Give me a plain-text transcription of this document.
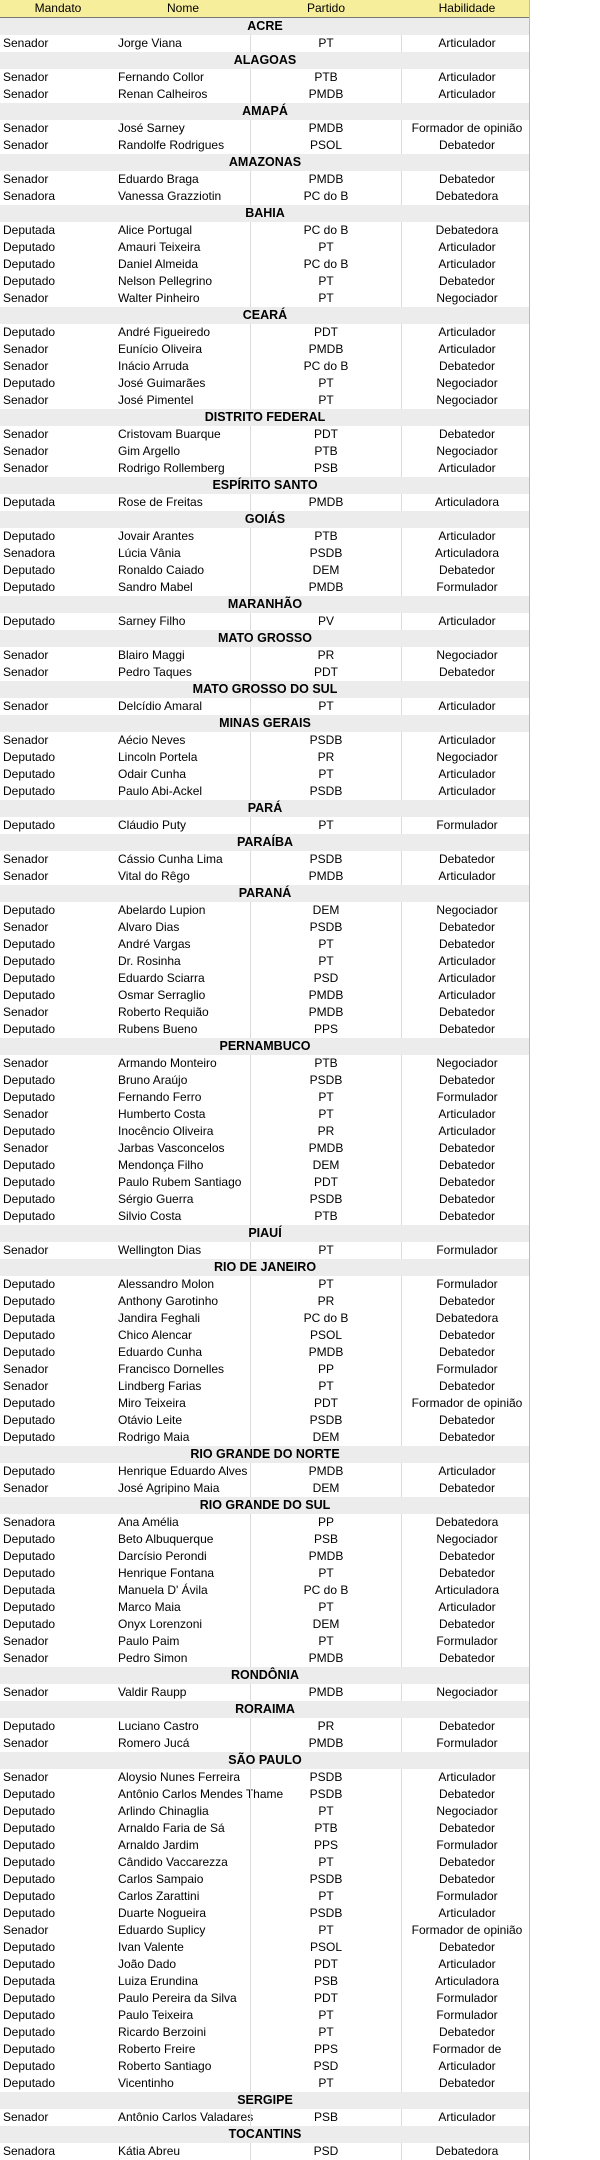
Mandato	Nome	Partido	Habilidade
ACRE
Senador	Jorge Viana	PT	Articulador
ALAGOAS
Senador	Fernando Collor	PTB	Articulador
Senador	Renan Calheiros	PMDB	Articulador
AMAPÁ
Senador	José Sarney	PMDB	Formador de opinião
Senador	Randolfe Rodrigues	PSOL	Debatedor
AMAZONAS
Senador	Eduardo Braga	PMDB	Debatedor
Senadora	Vanessa Grazziotin	PC do B	Debatedora
BAHIA
Deputada	Alice Portugal	PC do B	Debatedora
Deputado	Amauri Teixeira	PT	Articulador
Deputado	Daniel Almeida	PC do B	Articulador
Deputado	Nelson Pellegrino	PT	Debatedor
Senador	Walter Pinheiro	PT	Negociador
CEARÁ
Deputado	André Figueiredo	PDT	Articulador
Senador	Eunício Oliveira	PMDB	Articulador
Senador	Inácio Arruda	PC do B	Debatedor
Deputado	José Guimarães	PT	Negociador
Senador	José Pimentel	PT	Negociador
DISTRITO FEDERAL
Senador	Cristovam Buarque	PDT	Debatedor
Senador	Gim Argello	PTB	Negociador
Senador	Rodrigo Rollemberg	PSB	Articulador
ESPÍRITO SANTO
Deputada	Rose de Freitas	PMDB	Articuladora
GOIÁS
Deputado	Jovair Arantes	PTB	Articulador
Senadora	Lúcia Vânia	PSDB	Articuladora
Deputado	Ronaldo Caiado	DEM	Debatedor
Deputado	Sandro Mabel	PMDB	Formulador
MARANHÃO
Deputado	Sarney Filho	PV	Articulador
MATO GROSSO
Senador	Blairo Maggi	PR	Negociador
Senador	Pedro Taques	PDT	Debatedor
MATO GROSSO DO SUL
Senador	Delcídio Amaral	PT	Articulador
MINAS GERAIS
Senador	Aécio Neves	PSDB	Articulador
Deputado	Lincoln Portela	PR	Negociador
Deputado	Odair Cunha	PT	Articulador
Deputado	Paulo Abi-Ackel	PSDB	Articulador
PARÁ
Deputado	Cláudio Puty	PT	Formulador
PARAÍBA
Senador	Cássio Cunha Lima	PSDB	Debatedor
Senador	Vital do Rêgo	PMDB	Articulador
PARANÁ
Deputado	Abelardo Lupion	DEM	Negociador
Senador	Alvaro Dias	PSDB	Debatedor
Deputado	André Vargas	PT	Debatedor
Deputado	Dr. Rosinha	PT	Articulador
Deputado	Eduardo Sciarra	PSD	Articulador
Deputado	Osmar Serraglio	PMDB	Articulador
Senador	Roberto Requião	PMDB	Debatedor
Deputado	Rubens Bueno	PPS	Debatedor
PERNAMBUCO
Senador	Armando Monteiro	PTB	Negociador
Deputado	Bruno Araújo	PSDB	Debatedor
Deputado	Fernando Ferro	PT	Formulador
Senador	Humberto Costa	PT	Articulador
Deputado	Inocêncio Oliveira	PR	Articulador
Senador	Jarbas Vasconcelos	PMDB	Debatedor
Deputado	Mendonça Filho	DEM	Debatedor
Deputado	Paulo Rubem Santiago	PDT	Debatedor
Deputado	Sérgio Guerra	PSDB	Debatedor
Deputado	Silvio Costa	PTB	Debatedor
PIAUÍ
Senador	Wellington Dias	PT	Formulador
RIO DE JANEIRO
Deputado	Alessandro Molon	PT	Formulador
Deputado	Anthony Garotinho	PR	Debatedor
Deputada	Jandira Feghali	PC do B	Debatedora
Deputado	Chico Alencar	PSOL	Debatedor
Deputado	Eduardo Cunha	PMDB	Debatedor
Senador	Francisco Dornelles	PP	Formulador
Senador	Lindberg Farias	PT	Debatedor
Deputado	Miro Teixeira	PDT	Formador de opinião
Deputado	Otávio Leite	PSDB	Debatedor
Deputado	Rodrigo Maia	DEM	Debatedor
RIO GRANDE DO NORTE
Deputado	Henrique Eduardo Alves	PMDB	Articulador
Senador	José Agripino Maia	DEM	Debatedor
RIO GRANDE DO SUL
Senadora	Ana Amélia	PP	Debatedora
Deputado	Beto Albuquerque	PSB	Negociador
Deputado	Darcísio Perondi	PMDB	Debatedor
Deputado	Henrique Fontana	PT	Debatedor
Deputada	Manuela D' Ávila	PC do B	Articuladora
Deputado	Marco Maia	PT	Articulador
Deputado	Onyx Lorenzoni	DEM	Debatedor
Senador	Paulo Paim	PT	Formulador
Senador	Pedro Simon	PMDB	Debatedor
RONDÔNIA
Senador	Valdir Raupp	PMDB	Negociador
RORAIMA
Deputado	Luciano Castro	PR	Debatedor
Senador	Romero Jucá	PMDB	Formulador
SÃO PAULO
Senador	Aloysio Nunes Ferreira	PSDB	Articulador
Deputado	Antônio Carlos Mendes Thame	PSDB	Debatedor
Deputado	Arlindo Chinaglia	PT	Negociador
Deputado	Arnaldo Faria de Sá	PTB	Debatedor
Deputado	Arnaldo Jardim	PPS	Formulador
Deputado	Cândido Vaccarezza	PT	Debatedor
Deputado	Carlos Sampaio	PSDB	Debatedor
Deputado	Carlos Zarattini	PT	Formulador
Deputado	Duarte Nogueira	PSDB	Articulador
Senador	Eduardo Suplicy	PT	Formador de opinião
Deputado	Ivan Valente	PSOL	Debatedor
Deputado	João Dado	PDT	Articulador
Deputada	Luiza Erundina	PSB	Articuladora
Deputado	Paulo Pereira da Silva	PDT	Formulador
Deputado	Paulo Teixeira	PT	Formulador
Deputado	Ricardo Berzoini	PT	Debatedor
Deputado	Roberto Freire	PPS	Formador de
Deputado	Roberto Santiago	PSD	Articulador
Deputado	Vicentinho	PT	Debatedor
SERGIPE
Senador	Antônio Carlos Valadares	PSB	Articulador
TOCANTINS
Senadora	Kátia Abreu	PSD	Debatedora
